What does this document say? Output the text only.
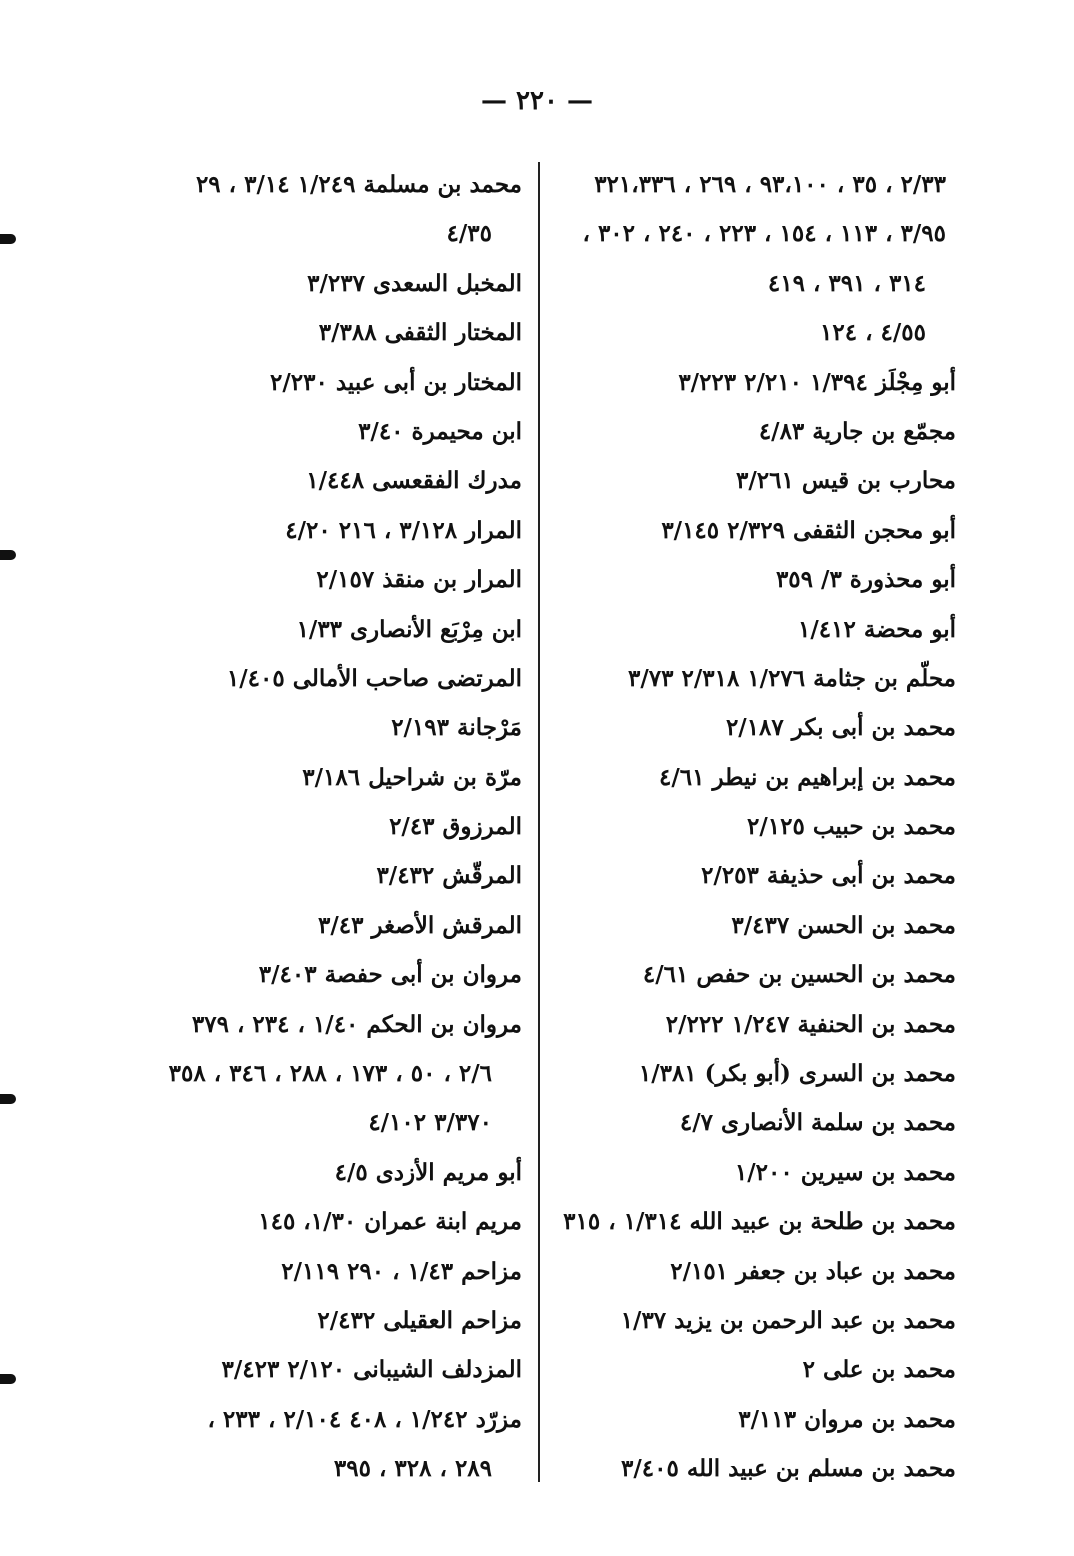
— ٢٢٠ —
٢/٣٣ ، ٣٥ ، ٩٣،١٠٠ ، ٢٦٩ ، ٣٢١،٣٣٦
٣/٩٥ ، ١١٣ ، ١٥٤ ، ٢٢٣ ، ٢٤٠ ، ٣٠٢ ،
٣١٤ ، ٣٩١ ، ٤١٩
٤/٥٥ ، ١٢٤
أبو مِجْلَز ١/٣٩٤ ٢/٢١٠ ٣/٢٢٣
مجمّع بن جارية ٤/٨٣
محارب بن قيس ٣/٢٦١
أبو محجن الثقفى ٢/٣٢٩ ٣/١٤٥
أبو محذورة ٣/ ٣٥٩
أبو محضة ١/٤١٢
محلّم بن جثامة ١/٢٧٦ ٢/٣١٨ ٣/٧٣
محمد بن أبى بكر ٢/١٨٧
محمد بن إبراهيم بن نيطر ٤/٦١
محمد بن حبيب ٢/١٢٥
محمد بن أبى حذيفة ٢/٢٥٣
محمد بن الحسن ٣/٤٣٧
محمد بن الحسين بن حفص ٤/٦١
محمد بن الحنفية ١/٢٤٧ ٢/٢٢٢
محمد بن السرى (أبو بكر) ١/٣٨١
محمد بن سلمة الأنصارى ٤/٧
محمد بن سيرين ١/٢٠٠
محمد بن طلحة بن عبيد الله ١/٣١٤ ، ٣١٥
محمد بن عباد بن جعفر ٢/١٥١
محمد بن عبد الرحمن بن يزيد ١/٣٧
محمد بن على ٢
محمد بن مروان ٣/١١٣
محمد بن مسلم بن عبيد الله ٣/٤٠٥
محمد بن مسلمة ١/٢٤٩ ٣/١٤ ، ٢٩
٤/٣٥
المخبل السعدى ٣/٢٣٧
المختار الثقفى ٣/٣٨٨
المختار بن أبى عبيد ٢/٢٣٠
ابن محيمرة ٣/٤٠
مدرك الفقعسى ١/٤٤٨
المرار ٣/١٢٨ ، ٢١٦ ٤/٢٠
المرار بن منقذ ٢/١٥٧
ابن مِرْبَع الأنصارى ١/٣٣
المرتضى صاحب الأمالى ١/٤٠٥
مَرْجانة ٢/١٩٣
مرّة بن شراحيل ٣/١٨٦
المرزوق ٢/٤٣
المرقّش ٣/٤٣٢
المرقش الأصغر ٣/٤٣
مروان بن أبى حفصة ٣/٤٠٣
مروان بن الحكم ١/٤٠ ، ٢٣٤ ، ٣٧٩
٢/٦ ، ٥٠ ، ١٧٣ ، ٢٨٨ ، ٣٤٦ ، ٣٥٨
٣/٣٧٠ ٤/١٠٢
أبو مريم الأزدى ٤/٥
مريم ابنة عمران ١/٣٠، ١٤٥
مزاحم ١/٤٣ ، ٢٩٠ ٢/١١٩
مزاحم العقيلى ٢/٤٣٢
المزدلف الشيبانى ٢/١٢٠ ٣/٤٢٣
مزرّد ١/٢٤٢ ، ٤٠٨ ٢/١٠٤ ، ٢٣٣ ،
٢٨٩ ، ٣٢٨ ، ٣٩٥
